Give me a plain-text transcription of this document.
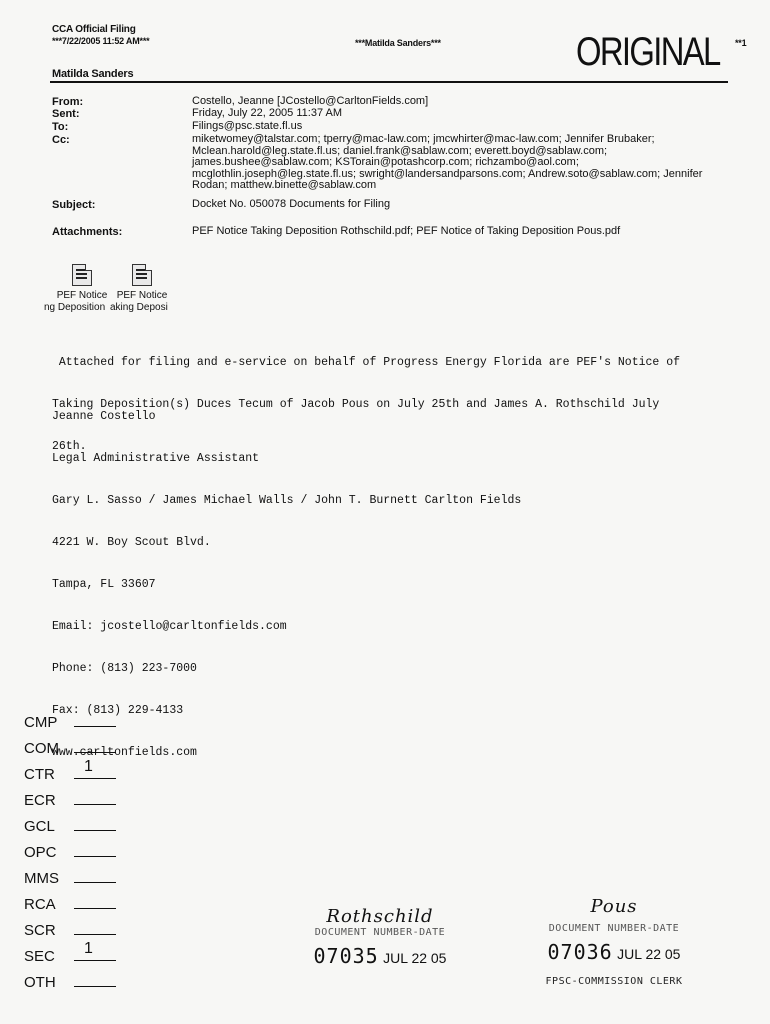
CCA Official Filing
***7/22/2005 11:52 AM***	***Matilda Sanders***	ORIGINAL **1
Matilda Sanders
From:	Costello, Jeanne [JCostello@CarltonFields.com]
Sent:	Friday, July 22, 2005 11:37 AM
To:	Filings@psc.state.fl.us
Cc:	miketwomey@talstar.com; tperry@mac-law.com; jmcwhirter@mac-law.com; Jennifer Brubaker;
Mclean.harold@leg.state.fl.us; daniel.frank@sablaw.com; everett.boyd@sablaw.com;
james.bushee@sablaw.com; KSTorain@potashcorp.com; richzambo@aol.com;
mcglothlin.joseph@leg.state.fl.us; swright@landersandparsons.com; Andrew.soto@sablaw.com; Jennifer
Rodan; matthew.binette@sablaw.com
Subject:	Docket No. 050078 Documents for Filing
Attachments:	PEF Notice Taking Deposition Rothschild.pdf; PEF Notice of Taking Deposition Pous.pdf
PEF Notice PEF Notice
ng Deposition aking Deposi

Attached for filing and e-service on behalf of Progress Energy Florida are PEF's Notice of

Taking Deposition(s) Duces Tecum of Jacob Pous on July 25th and James A. Rothschild July

26th.

Jeanne Costello

Legal Administrative Assistant

Gary L. Sasso / James Michael Walls / John T. Burnett Carlton Fields

4221 W. Boy Scout Blvd.

Tampa, FL 33607

Email: jcostello@carltonfields.com

Phone: (813) 223-7000

Fax: (813) 229-4133

www.carltonfields.com

CMP
COM
CTR	1
ECR
GCL
OPC
MMS
RCA
SCR
SEC	1
OTH
Rothschild
DOCUMENT NUMBER-DATE
07035 JUL 22 05
Pous
DOCUMENT NUMBER-DATE
07036 JUL 22 05
FPSC-COMMISSION CLERK
